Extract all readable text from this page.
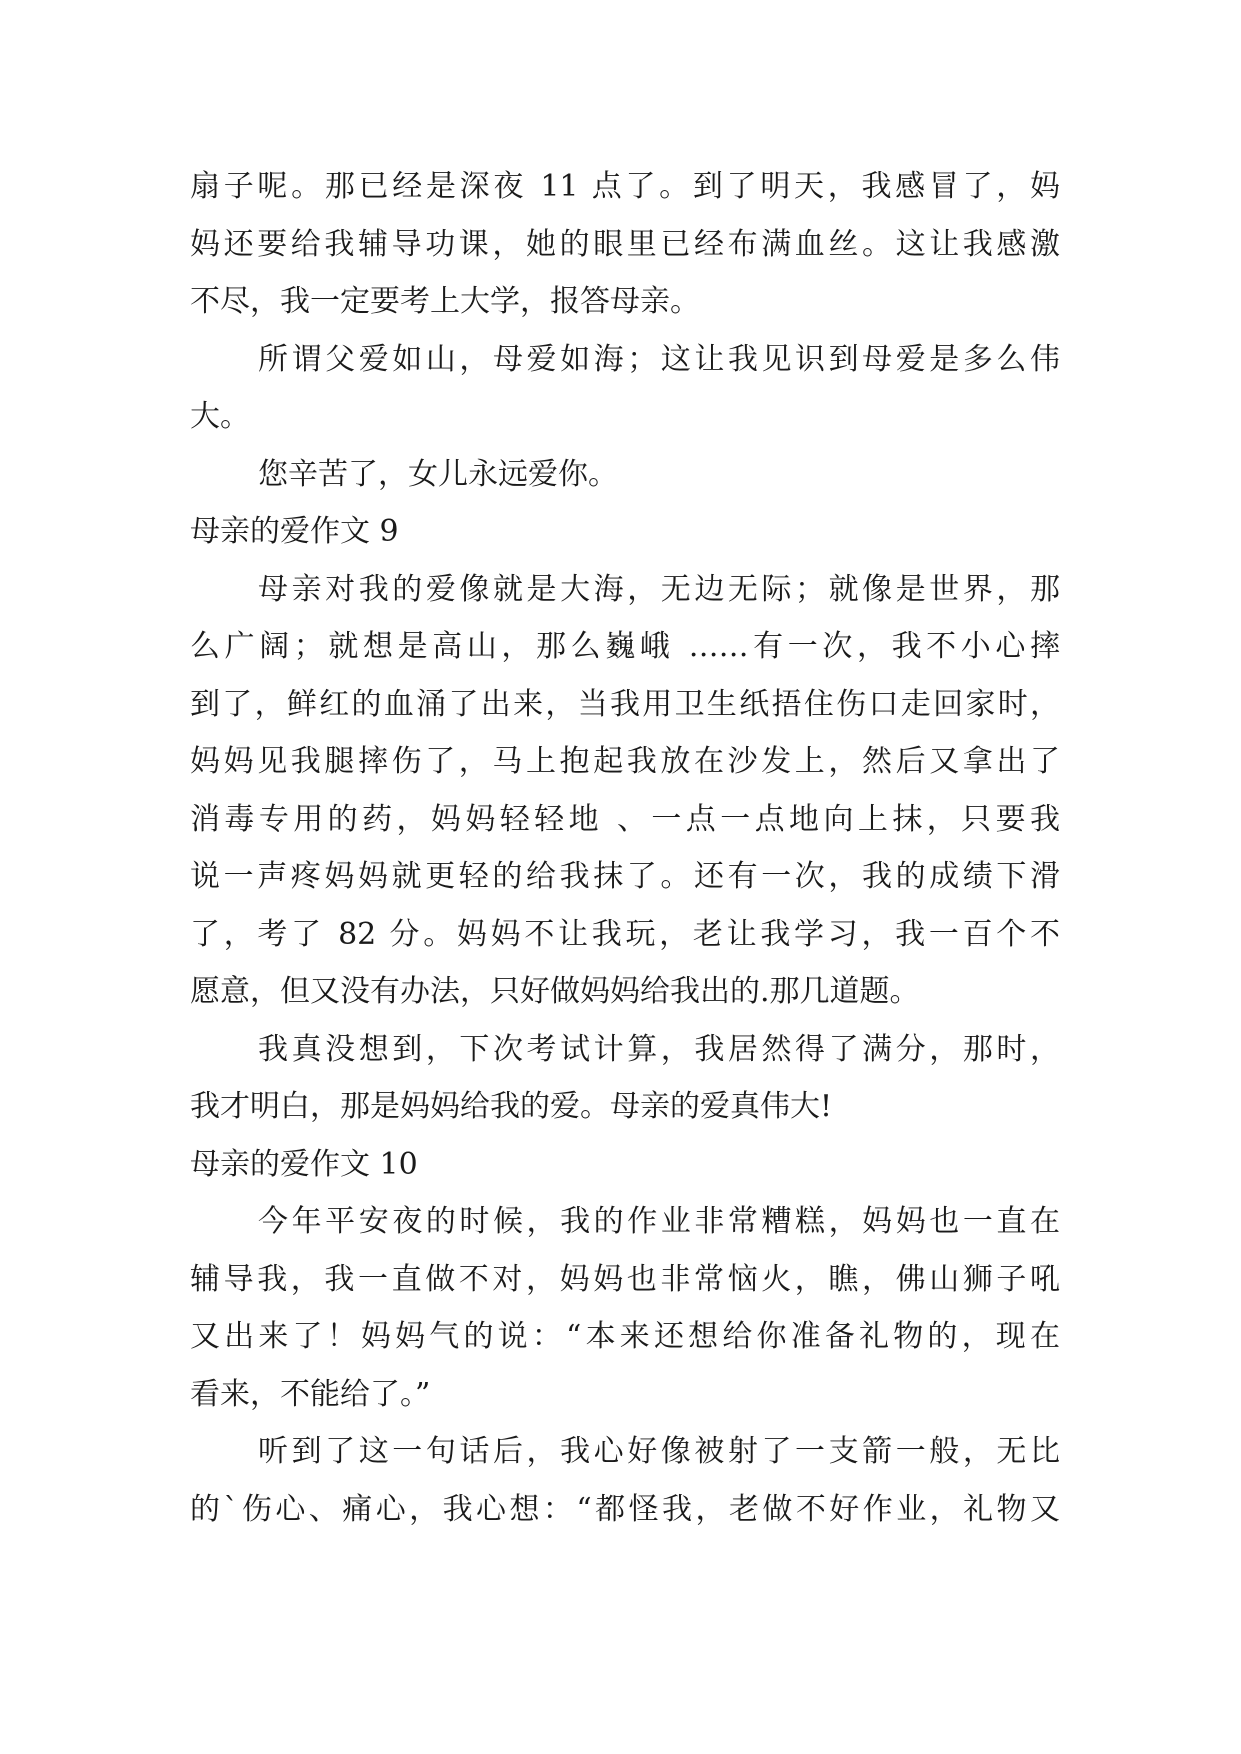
扇子呢。那已经是深夜 11 点了。到了明天，我感冒了，妈
妈还要给我辅导功课，她的眼里已经布满血丝。这让我感激
不尽，我一定要考上大学，报答母亲。
所谓父爱如山，母爱如海；这让我见识到母爱是多么伟
大。
您辛苦了，女儿永远爱你。
母亲的爱作文 9
母亲对我的爱像就是大海，无边无际；就像是世界，那
么广阔；就想是高山，那么巍峨 ……有一次，我不小心摔
到了，鲜红的血涌了出来，当我用卫生纸捂住伤口走回家时，
妈妈见我腿摔伤了，马上抱起我放在沙发上，然后又拿出了
消毒专用的药，妈妈轻轻地 、一点一点地向上抹，只要我
说一声疼妈妈就更轻的给我抹了。还有一次，我的成绩下滑
了，考了 82 分。妈妈不让我玩，老让我学习，我一百个不
愿意，但又没有办法，只好做妈妈给我出的.那几道题。
我真没想到，下次考试计算，我居然得了满分，那时，
我才明白，那是妈妈给我的爱。母亲的爱真伟大!
母亲的爱作文 10
今年平安夜的时候，我的作业非常糟糕，妈妈也一直在
辅导我，我一直做不对，妈妈也非常恼火，瞧，佛山狮子吼
又出来了！妈妈气的说：“本来还想给你准备礼物的，现在
看来，不能给了。”
听到了这一句话后，我心好像被射了一支箭一般，无比
的`伤心、痛心，我心想：“都怪我，老做不好作业，礼物又
